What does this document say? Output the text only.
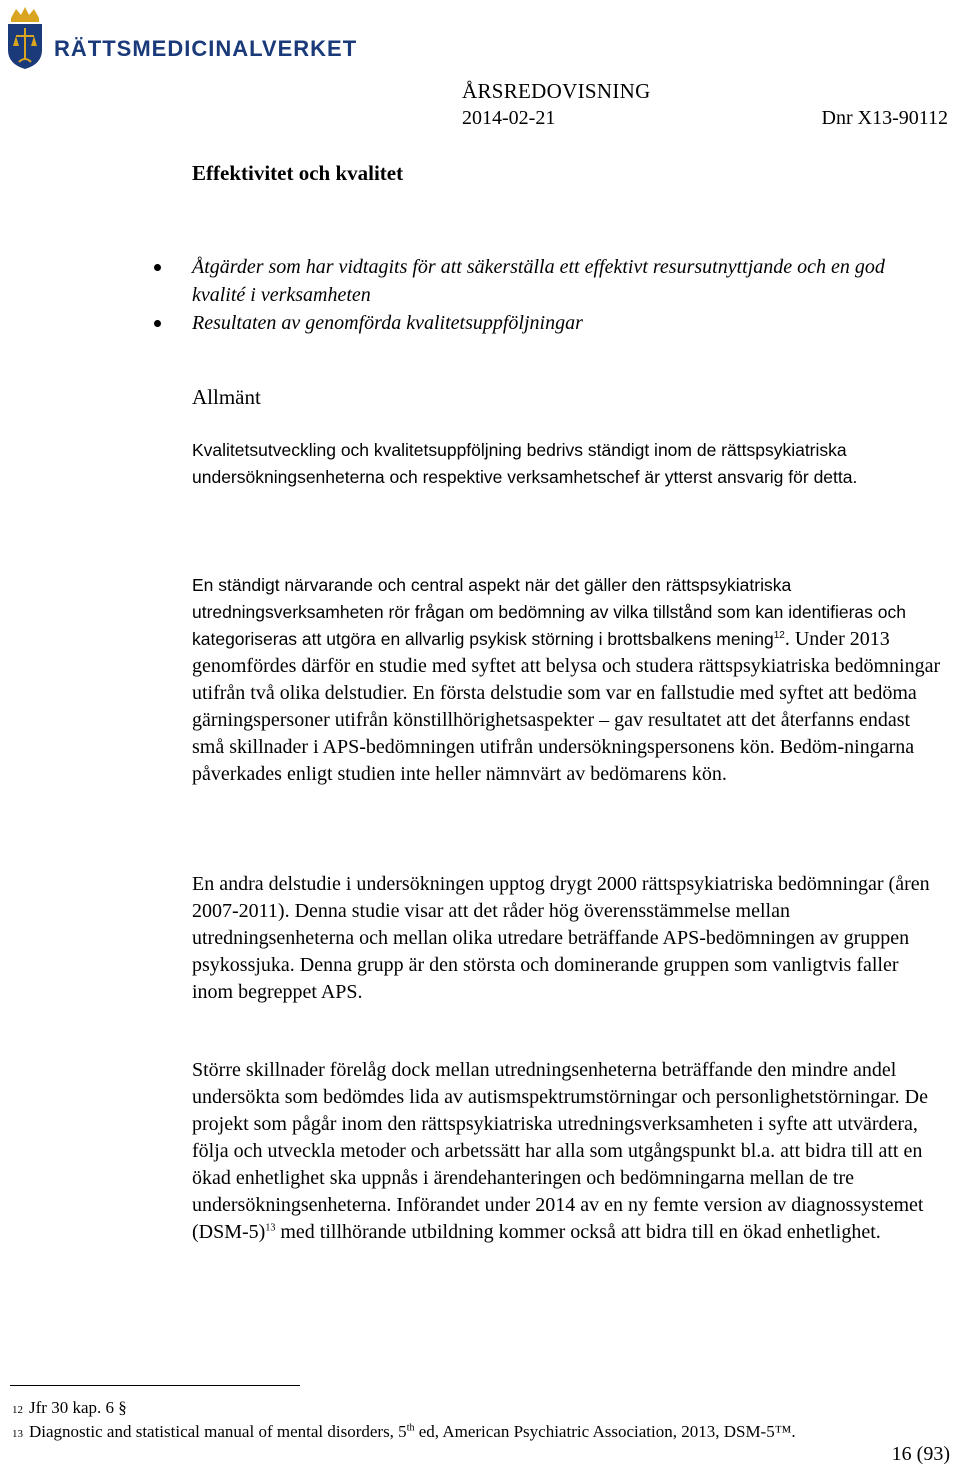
RÄTTSMEDICINALVERKET
ÅRSREDOVISNING
2014-02-21	Dnr X13-90112
Effektivitet och kvalitet
Åtgärder som har vidtagits för att säkerställa ett effektivt resursutnyttjande och en god kvalité i verksamheten
Resultaten av genomförda kvalitetsuppföljningar
Allmänt

Kvalitetsutveckling och kvalitetsuppföljning bedrivs ständigt inom de rättspsykiatriska undersökningsenheterna och respektive verksamhetschef är ytterst ansvarig för detta.

En ständigt närvarande och central aspekt när det gäller den rättspsykiatriska utredningsverksamheten rör frågan om bedömning av vilka tillstånd som kan identifieras och kategoriseras att utgöra en allvarlig psykisk störning i brottsbalkens mening$^{12}$. Under 2013 genomfördes därför en studie med syftet att belysa och studera rättspsykiatriska bedömningar utifrån två olika delstudier. En första delstudie som var en fallstudie med syftet att bedöma gärningspersoner utifrån könstillhörighetsaspekter – gav resultatet att det återfanns endast små skillnader i APS-bedömningen utifrån undersökningspersonens kön. Bedöm-ningarna påverkades enligt studien inte heller nämnvärt av bedömarens kön.

En andra delstudie i undersökningen upptog drygt 2000 rättspsykiatriska bedömningar (åren 2007-2011). Denna studie visar att det råder hög överensstämmelse mellan utredningsenheterna och mellan olika utredare beträffande APS-bedömningen av gruppen psykossjuka. Denna grupp är den största och dominerande gruppen som vanligtvis faller inom begreppet APS.

Större skillnader förelåg dock mellan utredningsenheterna beträffande den mindre andel undersökta som bedömdes lida av autismspektrumstörningar och personlighetstörningar. De projekt som pågår inom den rättspsykiatriska utredningsverksamheten i syfte att utvärdera, följa och utveckla metoder och arbetssätt har alla som utgångspunkt bl.a. att bidra till att en ökad enhetlighet ska uppnås i ärendehanteringen och bedömningarna mellan de tre undersökningsenheterna. Införandet under 2014 av en ny femte version av diagnossystemet $(DSM-5)^{13}$ med tillhörande utbildning kommer också att bidra till en ökad enhetlighet.

12 Jfr 30 kap. 6 §
13 Diagnostic and statistical manual of mental disorders, 5th ed, American Psychiatric Association, 2013, DSM-5™.
16 (93)
